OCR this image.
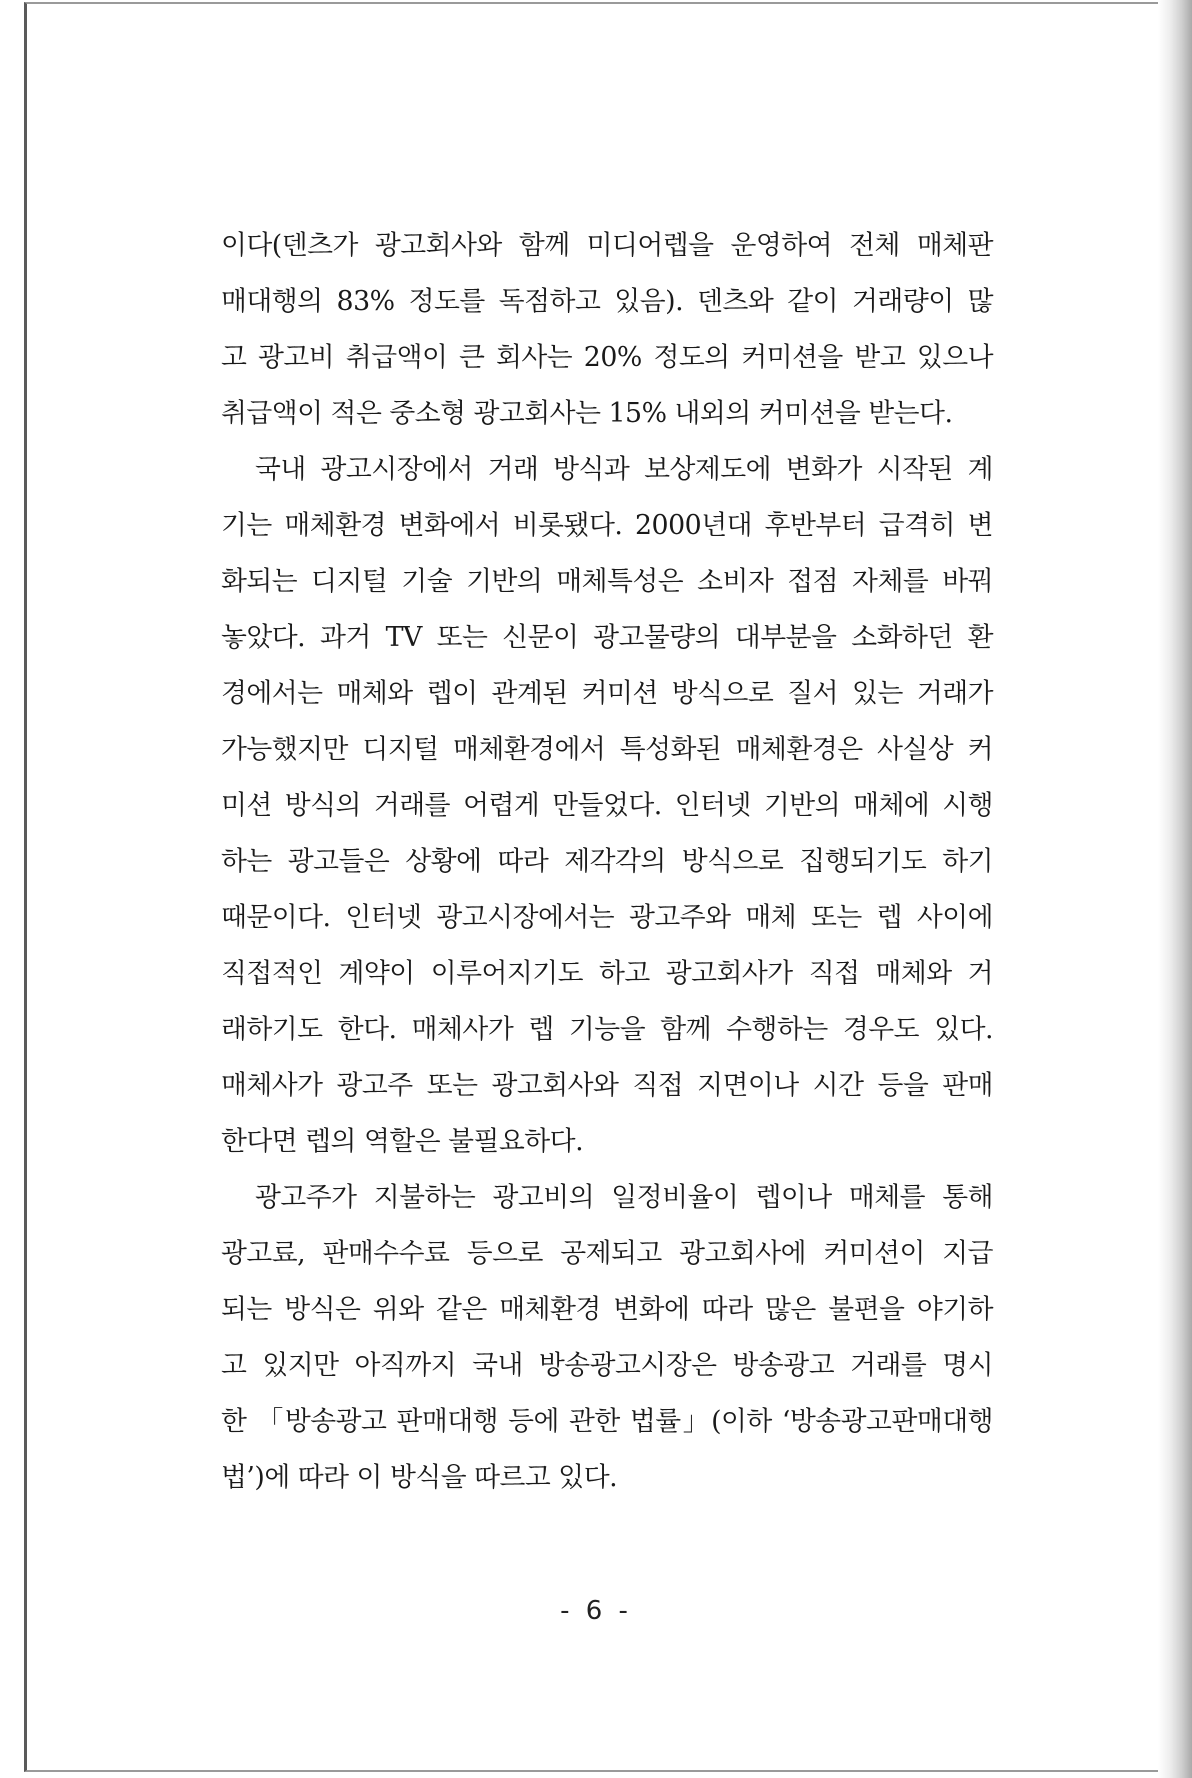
이다(덴츠가 광고회사와 함께 미디어렙을 운영하여 전체 매체판
매대행의 83% 정도를 독점하고 있음). 덴츠와 같이 거래량이 많
고 광고비 취급액이 큰 회사는 20% 정도의 커미션을 받고 있으나
취급액이 적은 중소형 광고회사는 15% 내외의 커미션을 받는다.
국내 광고시장에서 거래 방식과 보상제도에 변화가 시작된 계
기는 매체환경 변화에서 비롯됐다. 2000년대 후반부터 급격히 변
화되는 디지털 기술 기반의 매체특성은 소비자 접점 자체를 바꿔
놓았다. 과거 TV 또는 신문이 광고물량의 대부분을 소화하던 환
경에서는 매체와 렙이 관계된 커미션 방식으로 질서 있는 거래가
가능했지만 디지털 매체환경에서 특성화된 매체환경은 사실상 커
미션 방식의 거래를 어렵게 만들었다. 인터넷 기반의 매체에 시행
하는 광고들은 상황에 따라 제각각의 방식으로 집행되기도 하기
때문이다. 인터넷 광고시장에서는 광고주와 매체 또는 렙 사이에
직접적인 계약이 이루어지기도 하고 광고회사가 직접 매체와 거
래하기도 한다. 매체사가 렙 기능을 함께 수행하는 경우도 있다.
매체사가 광고주 또는 광고회사와 직접 지면이나 시간 등을 판매
한다면 렙의 역할은 불필요하다.
광고주가 지불하는 광고비의 일정비율이 렙이나 매체를 통해
광고료, 판매수수료 등으로 공제되고 광고회사에 커미션이 지급
되는 방식은 위와 같은 매체환경 변화에 따라 많은 불편을 야기하
고 있지만 아직까지 국내 방송광고시장은 방송광고 거래를 명시
한 「방송광고 판매대행 등에 관한 법률」(이하 ‘방송광고판매대행
법’)에 따라 이 방식을 따르고 있다.
- 6 -
